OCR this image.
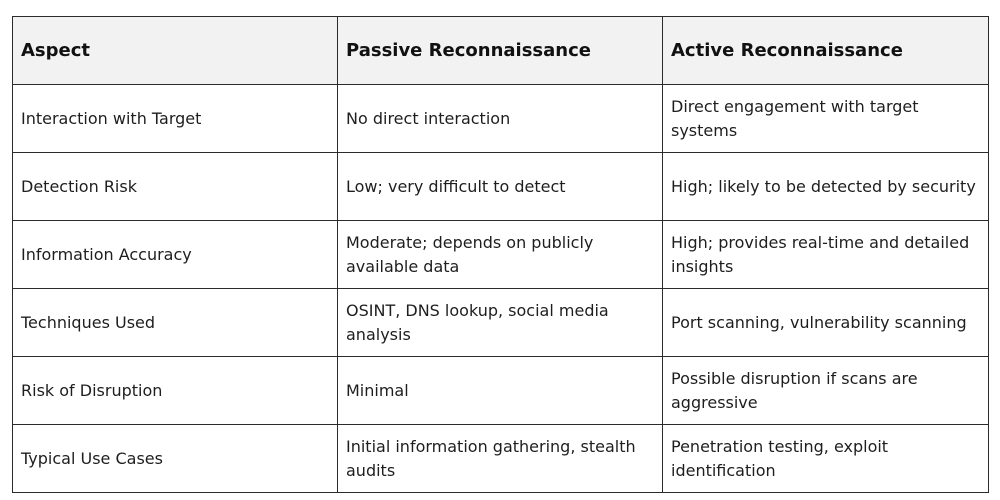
Aspect	Passive Reconnaissance	Active Reconnaissance
Interaction with Target	No direct interaction	Direct engagement with target systems
Detection Risk	Low; very difficult to detect	High; likely to be detected by security
Information Accuracy	Moderate; depends on publicly available data	High; provides real-time and detailed insights
Techniques Used	OSINT, DNS lookup, social media analysis	Port scanning, vulnerability scanning
Risk of Disruption	Minimal	Possible disruption if scans are aggressive
Typical Use Cases	Initial information gathering, stealth audits	Penetration testing, exploit identification
